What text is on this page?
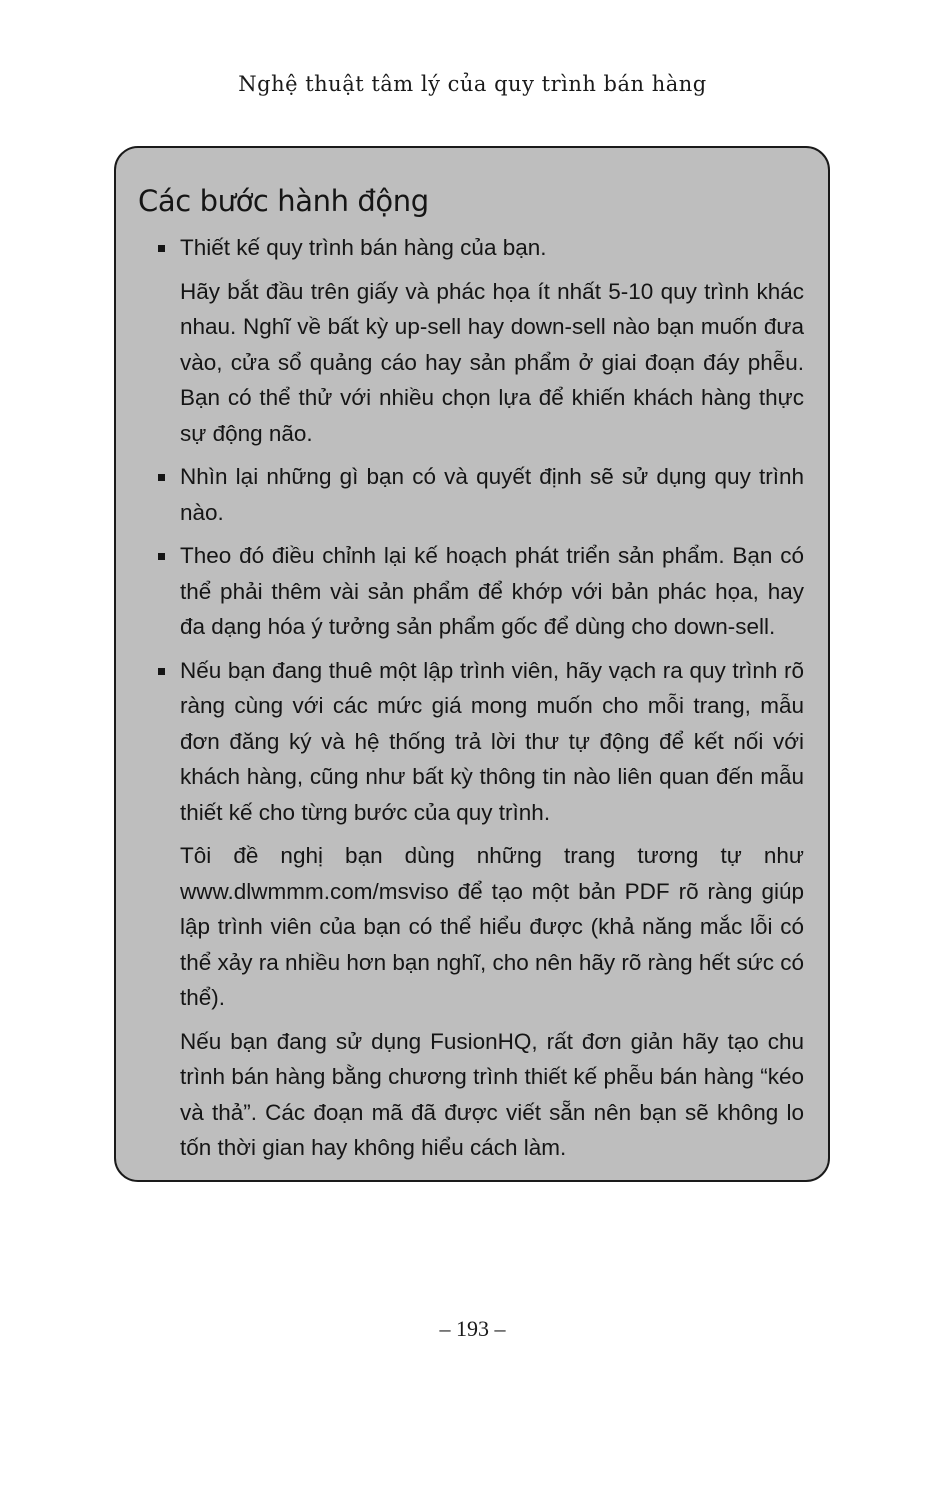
Nghệ thuật tâm lý của quy trình bán hàng
Các bước hành động
Thiết kế quy trình bán hàng của bạn.
Hãy bắt đầu trên giấy và phác họa ít nhất 5-10 quy trình khác nhau. Nghĩ về bất kỳ up-sell hay down-sell nào bạn muốn đưa vào, cửa sổ quảng cáo hay sản phẩm ở giai đoạn đáy phễu. Bạn có thể thử với nhiều chọn lựa để khiến khách hàng thực sự động não.
Nhìn lại những gì bạn có và quyết định sẽ sử dụng quy trình nào.
Theo đó điều chỉnh lại kế hoạch phát triển sản phẩm. Bạn có thể phải thêm vài sản phẩm để khớp với bản phác họa, hay đa dạng hóa ý tưởng sản phẩm gốc để dùng cho down-sell.
Nếu bạn đang thuê một lập trình viên, hãy vạch ra quy trình rõ ràng cùng với các mức giá mong muốn cho mỗi trang, mẫu đơn đăng ký và hệ thống trả lời thư tự động để kết nối với khách hàng, cũng như bất kỳ thông tin nào liên quan đến mẫu thiết kế cho từng bước của quy trình.
Tôi đề nghị bạn dùng những trang tương tự như www.dlwmmm.com/msviso để tạo một bản PDF rõ ràng giúp lập trình viên của bạn có thể hiểu được (khả năng mắc lỗi có thể xảy ra nhiều hơn bạn nghĩ, cho nên hãy rõ ràng hết sức có thể).
Nếu bạn đang sử dụng FusionHQ, rất đơn giản hãy tạo chu trình bán hàng bằng chương trình thiết kế phễu bán hàng “kéo và thả”. Các đoạn mã đã được viết sẵn nên bạn sẽ không lo tốn thời gian hay không hiểu cách làm.
– 193 –
